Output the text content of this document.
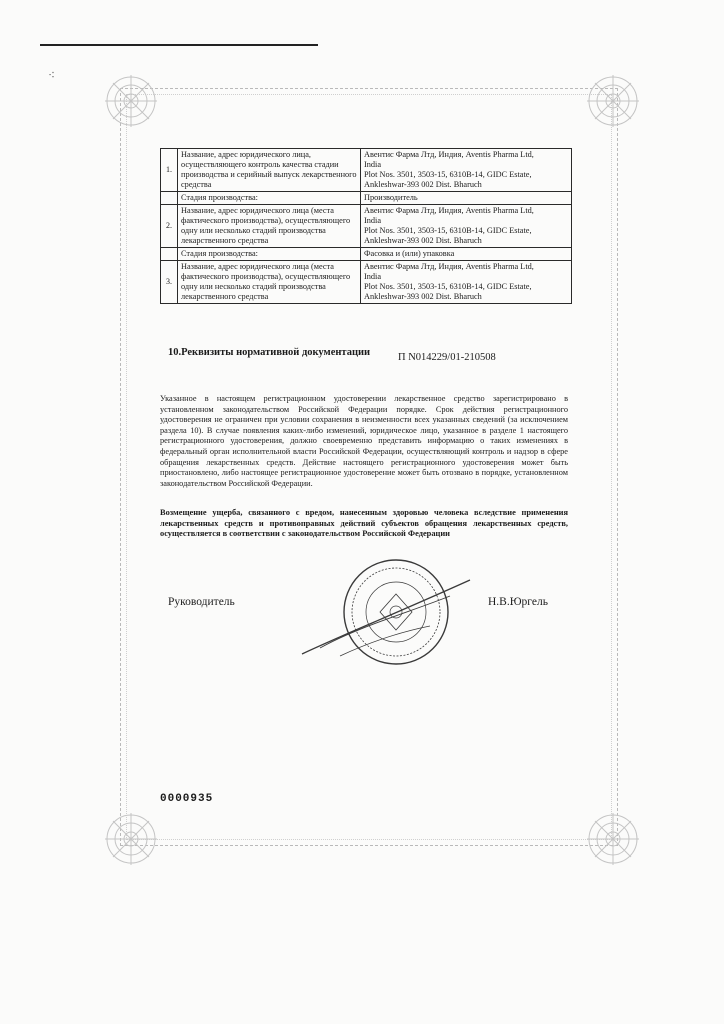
⁖
1.	Название, адрес юридического лица, осуществляющего контроль качества стадии производства и серийный выпуск лекарственного средства	Авентис Фарма Лтд, Индия, Aventis Pharma Ltd,
India
Plot Nos. 3501, 3503-15, 6310B-14, GIDC Estate,
Ankleshwar-393 002 Dist. Bharuch

	Стадия производства:	Производитель

2.	Название, адрес юридического лица (места фактического производства), осуществляющего одну или несколько стадий производства лекарственного средства	Авентис Фарма Лтд, Индия, Aventis Pharma Ltd,
India
Plot Nos. 3501, 3503-15, 6310B-14, GIDC Estate,
Ankleshwar-393 002 Dist. Bharuch

	Стадия производства:	Фасовка и (или) упаковка

3.	Название, адрес юридического лица (места фактического производства), осуществляющего одну или несколько стадий производства лекарственного средства	Авентис Фарма Лтд, Индия, Aventis Pharma Ltd,
India
Plot Nos. 3501, 3503-15, 6310B-14, GIDC Estate,
Ankleshwar-393 002 Dist. Bharuch
10.Реквизиты нормативной документации	П N014229/01-210508
Указанное в настоящем регистрационном удостоверении лекарственное средство зарегистрировано в установленном законодательством Российской Федерации порядке. Срок действия регистрационного удостоверения не ограничен при условии сохранения в неизменности всех указанных сведений (за исключением раздела 10). В случае появления каких-либо изменений, юридическое лицо, указанное в разделе 1 настоящего регистрационного удостоверения, должно своевременно представить информацию о таких изменениях в федеральный орган исполнительной власти Российской Федерации, осуществляющий контроль и надзор в сфере обращения лекарственных средств. Действие настоящего регистрационного удостоверения может быть приостановлено, либо настоящее регистрационное удостоверение может быть отозвано в порядке, установленном законодательством Российской Федерации.
Возмещение ущерба, связанного с вредом, нанесенным здоровью человека вследствие применения лекарственных средств и противоправных действий субъектов обращения лекарственных средств, осуществляется в соответствии с законодательством Российской Федерации
Руководитель	Н.В.Юргель
0000935
